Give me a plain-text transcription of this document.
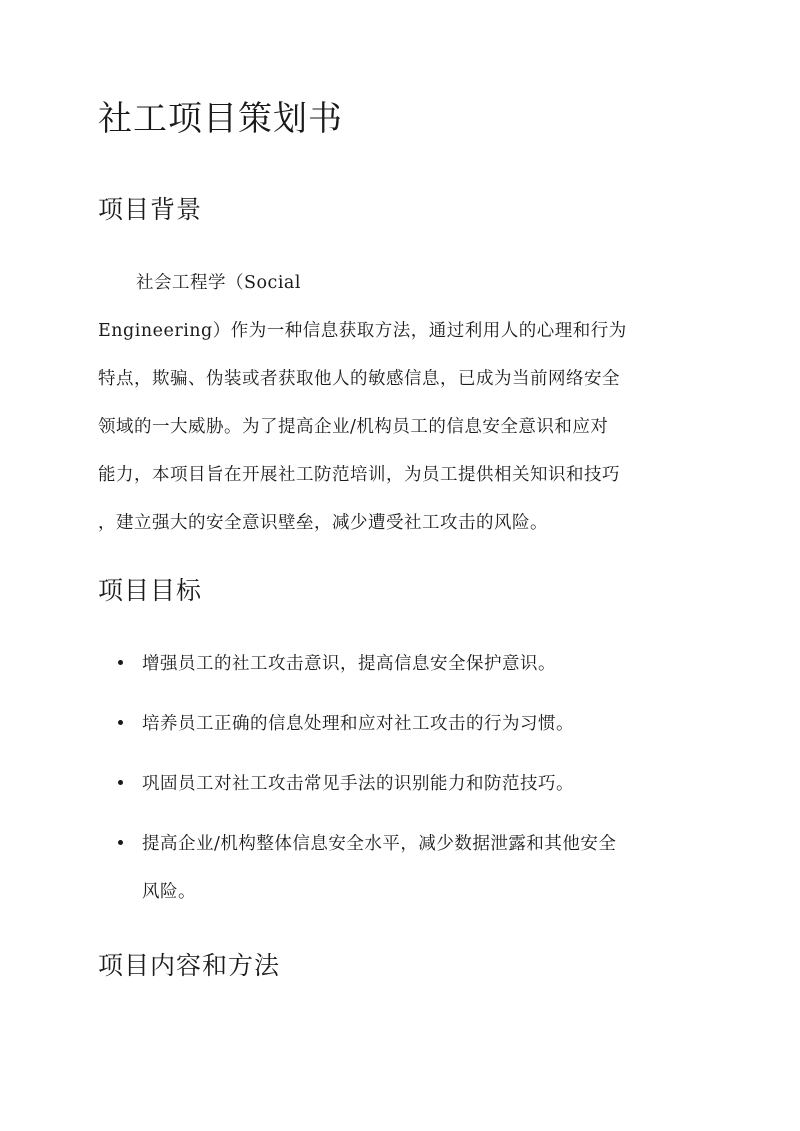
社工项目策划书
项目背景

社会工程学（Social
Engineering）作为一种信息获取方法，通过利用人的心理和行为
特点，欺骗、伪装或者获取他人的敏感信息，已成为当前网络安全
领域的一大威胁。为了提高企业/机构员工的信息安全意识和应对
能力，本项目旨在开展社工防范培训，为员工提供相关知识和技巧
，建立强大的安全意识壁垒，减少遭受社工攻击的风险。

项目目标
增强员工的社工攻击意识，提高信息安全保护意识。
培养员工正确的信息处理和应对社工攻击的行为习惯。
巩固员工对社工攻击常见手法的识别能力和防范技巧。
提高企业/机构整体信息安全水平，减少数据泄露和其他安全
风险。
项目内容和方法
